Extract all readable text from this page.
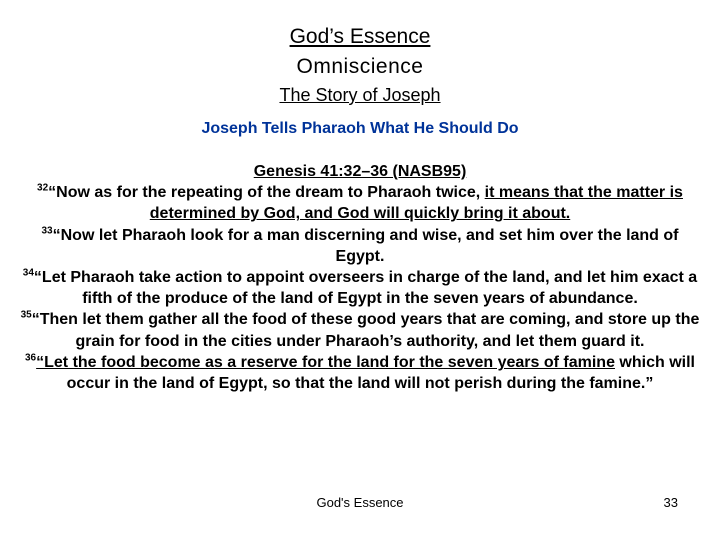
God’s Essence
Omniscience
The Story of Joseph
Joseph Tells Pharaoh What He Should Do
Genesis 41:32–36 (NASB95)
$^{32}$“Now as for the repeating of the dream to Pharaoh twice, it means that the matter is determined by God, and God will quickly bring it about.
$^{33}$“Now let Pharaoh look for a man discerning and wise, and set him over the land of Egypt.
$^{34}$“Let Pharaoh take action to appoint overseers in charge of the land, and let him exact a fifth of the produce of the land of Egypt in the seven years of abundance.
$^{35}$“Then let them gather all the food of these good years that are coming, and store up the grain for food in the cities under Pharaoh’s authority, and let them guard it.
$^{36}$“Let the food become as a reserve for the land for the seven years of famine which will occur in the land of Egypt, so that the land will not perish during the famine.”
God's Essence	33
